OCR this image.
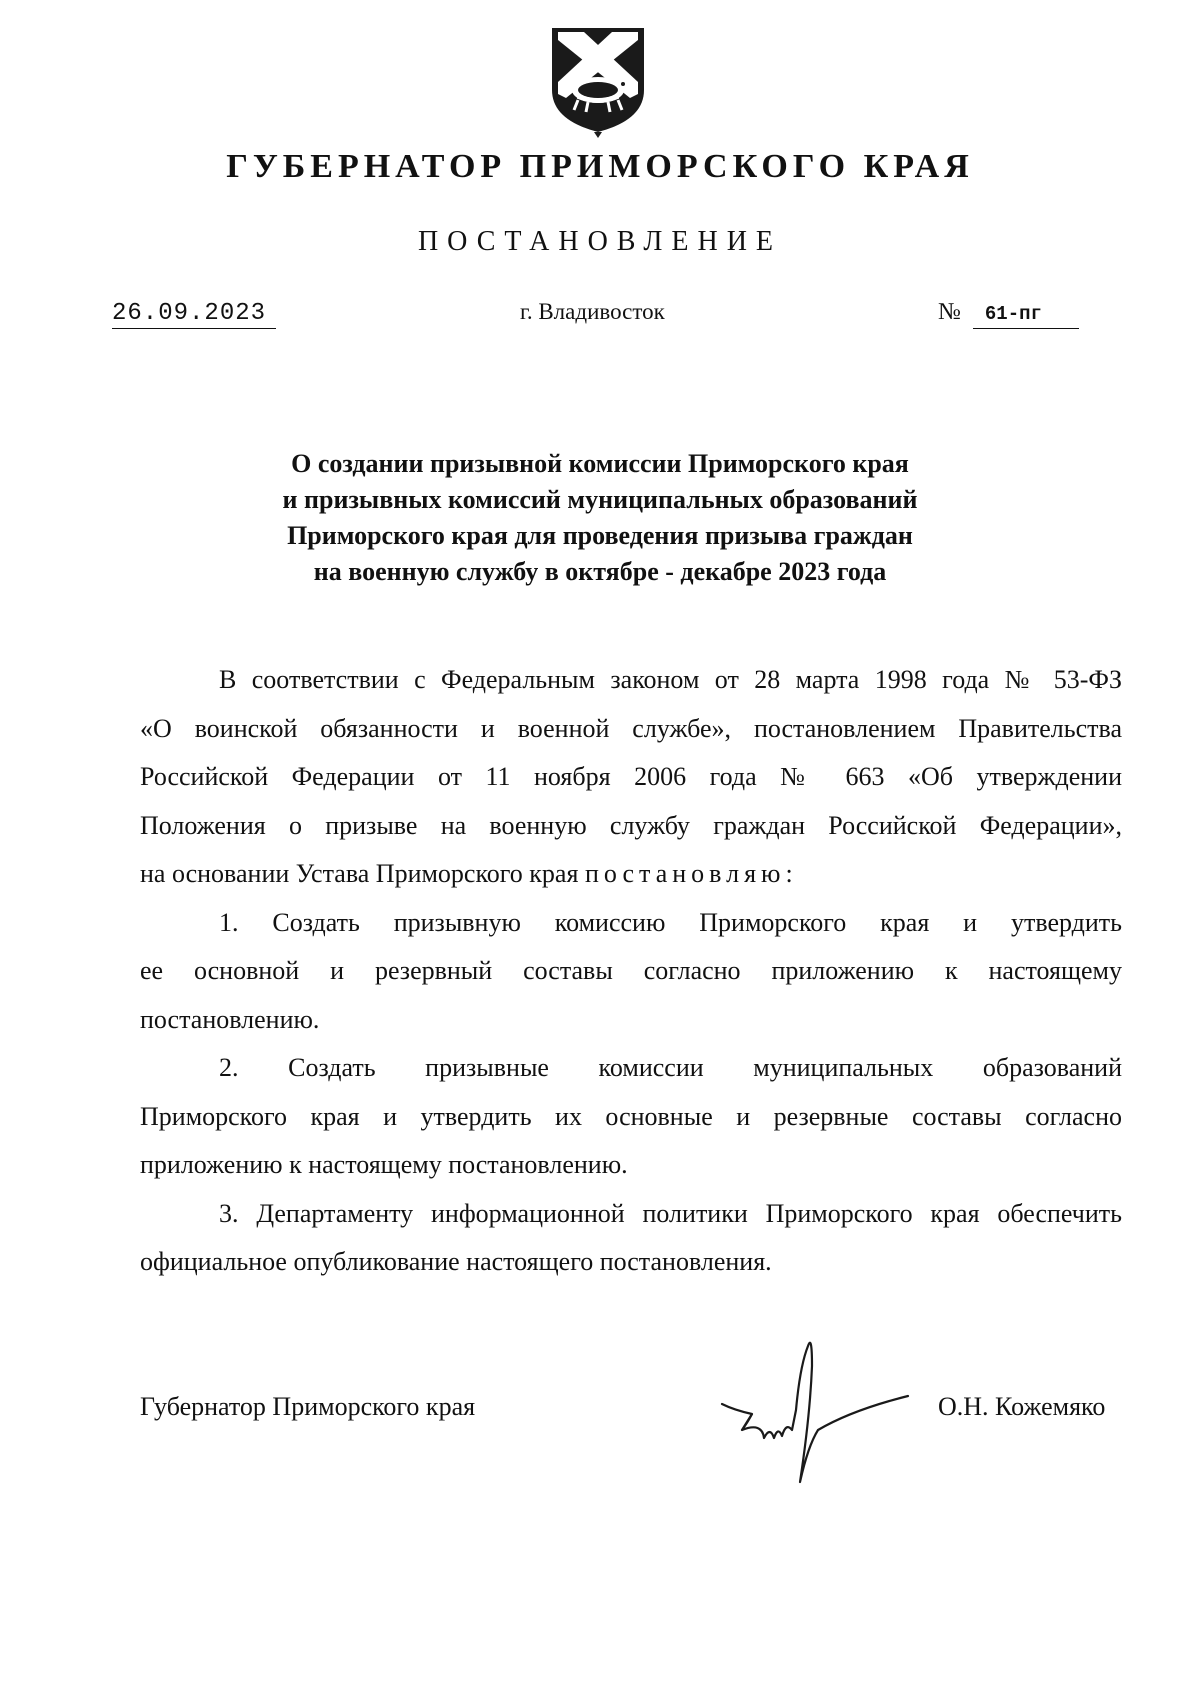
ГУБЕРНАТОР ПРИМОРСКОГО КРАЯ
ПОСТАНОВЛЕНИЕ
26.09.2023	г. Владивосток	№ 61-пг
О создании призывной комиссии Приморского края
и призывных комиссий муниципальных образований
Приморского края для проведения призыва граждан
на военную службу в октябре - декабре 2023 года

В соответствии с Федеральным законом от 28 марта 1998 года № 53-ФЗ

«О воинской обязанности и военной службе», постановлением Правительства

Российской Федерации от 11 ноября 2006 года № 663 «Об утверждении

Положения о призыве на военную службу граждан Российской Федерации»,

на основании Устава Приморского края постановляю:

1. Создать призывную комиссию Приморского края и утвердить

ее основной и резервный составы согласно приложению к настоящему

постановлению.

2. Создать призывные комиссии муниципальных образований

Приморского края и утвердить их основные и резервные составы согласно

приложению к настоящему постановлению.

3. Департаменту информационной политики Приморского края обеспечить

официальное опубликование настоящего постановления.

Губернатор Приморского края	О.Н. Кожемяко
